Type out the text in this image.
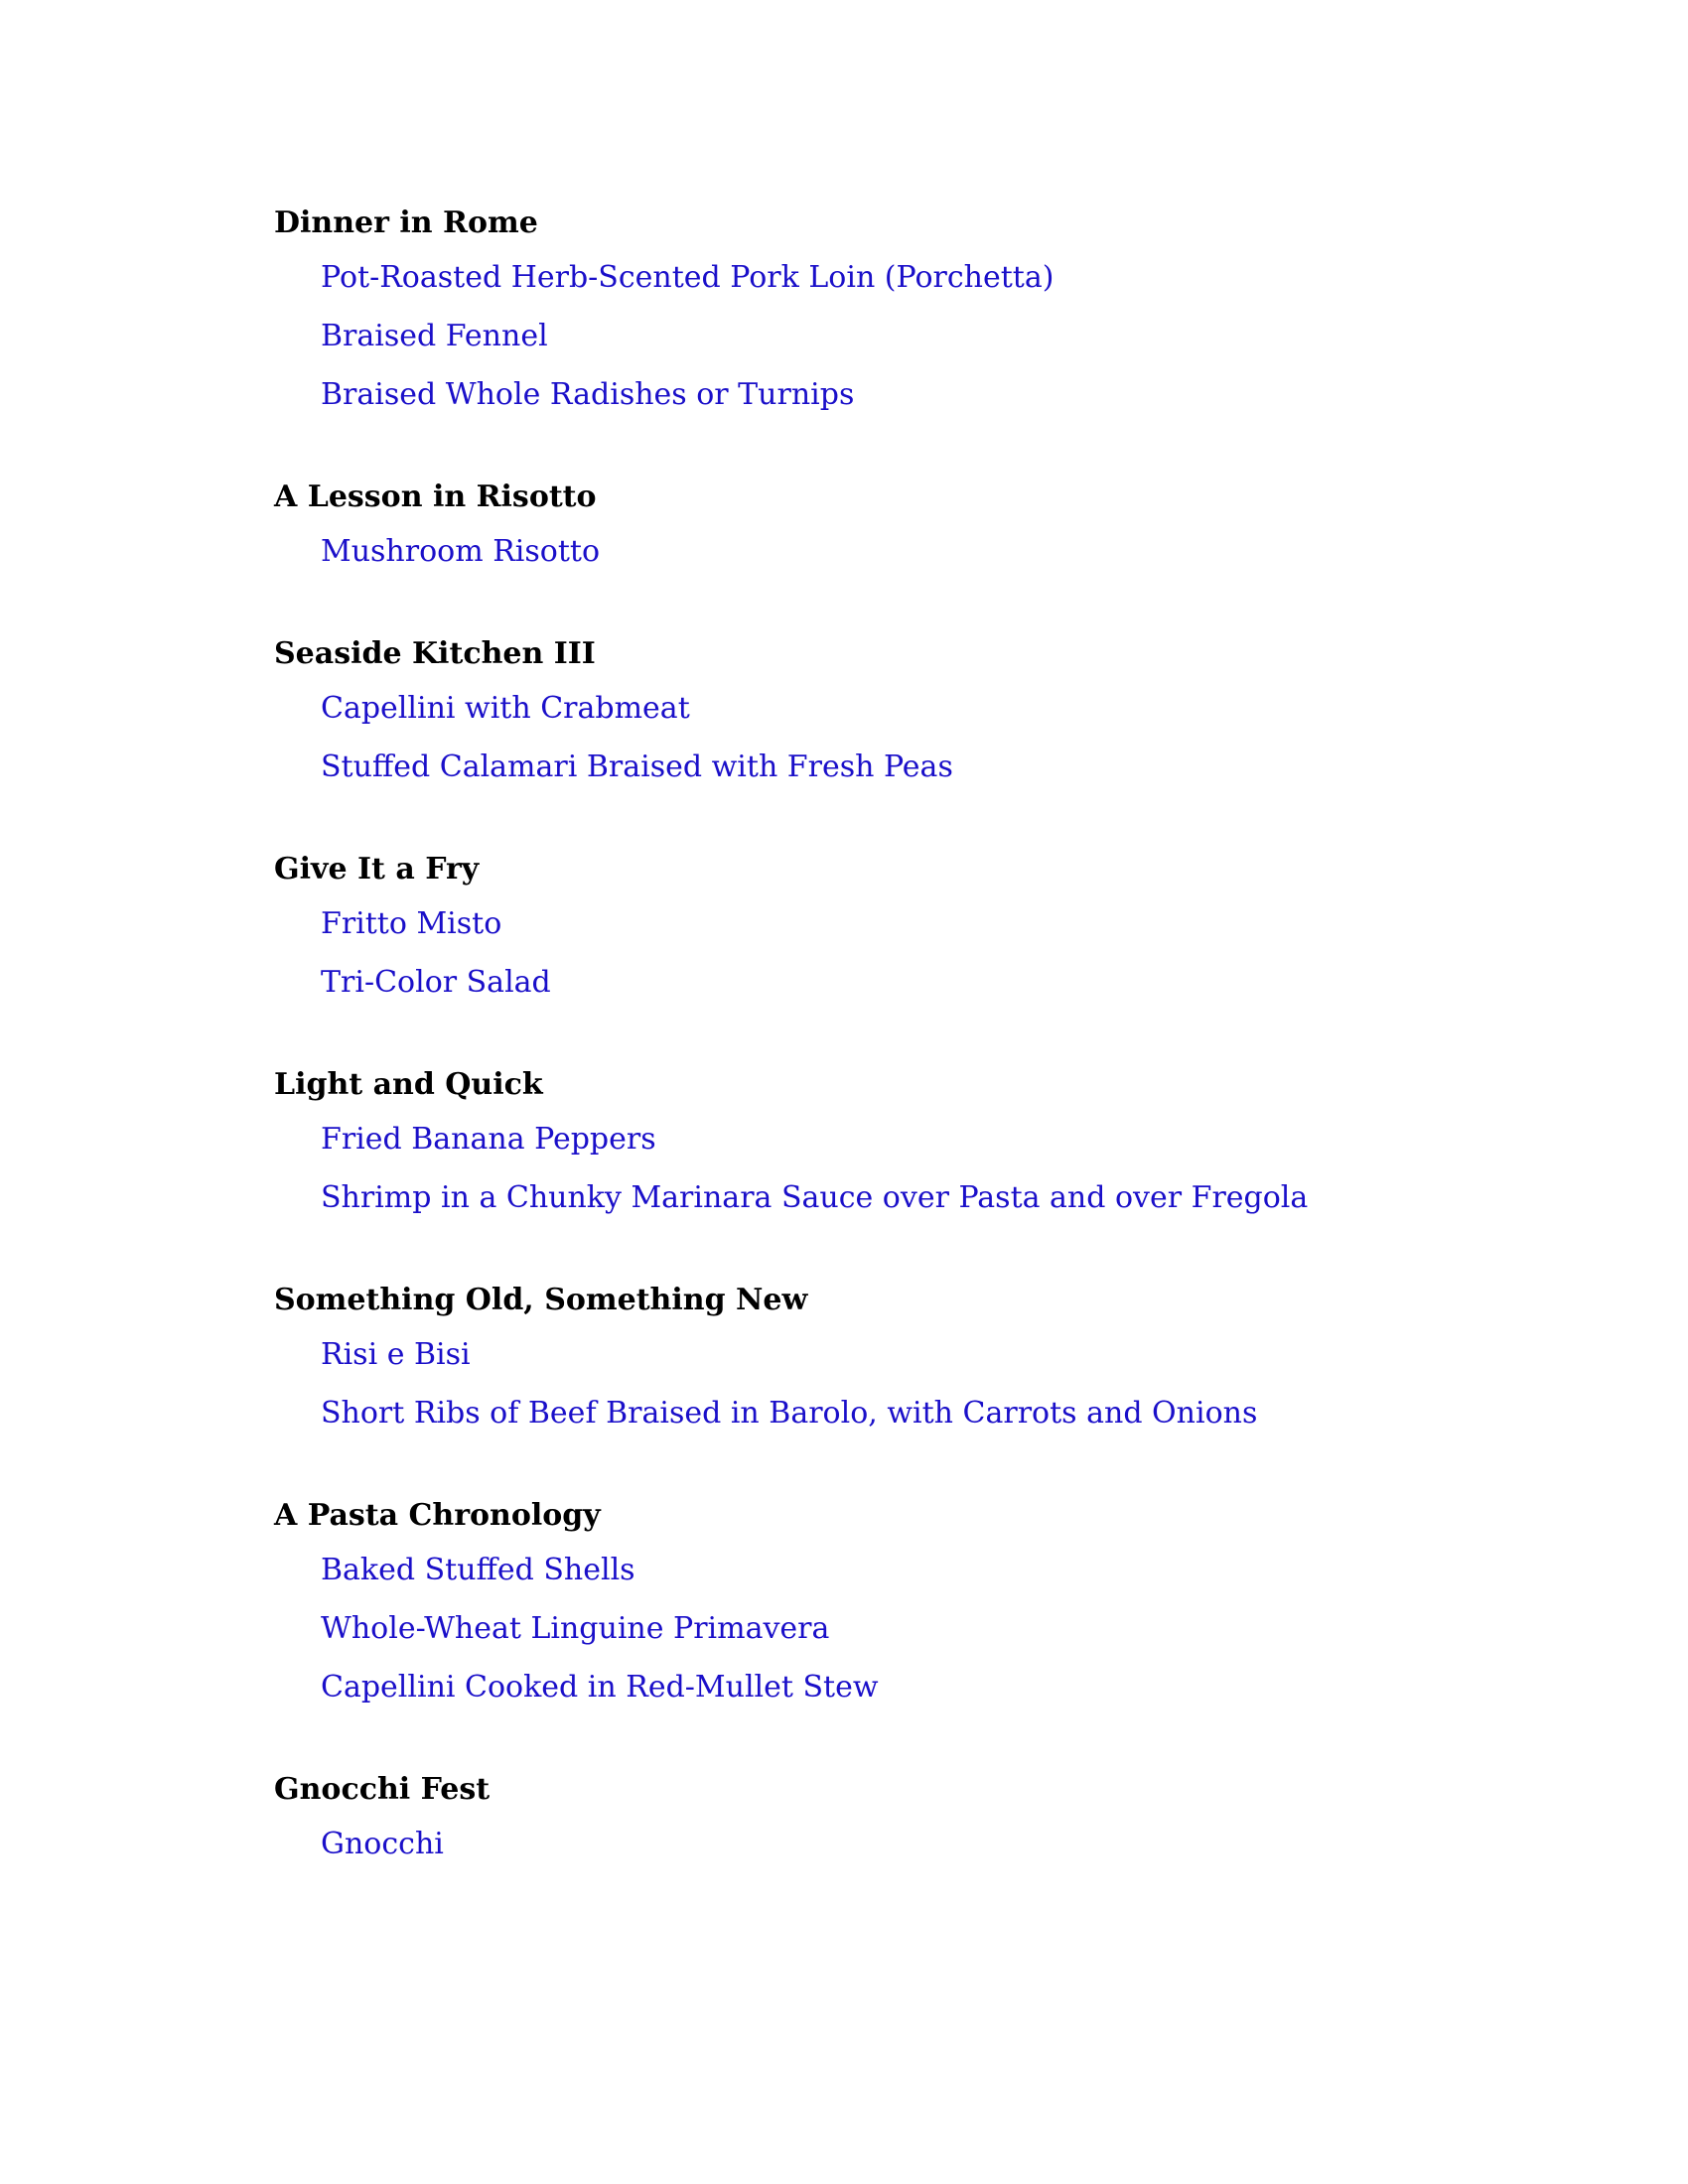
Dinner in Rome
Pot-Roasted Herb-Scented Pork Loin (Porchetta)
Braised Fennel
Braised Whole Radishes or Turnips
A Lesson in Risotto
Mushroom Risotto
Seaside Kitchen III
Capellini with Crabmeat
Stuffed Calamari Braised with Fresh Peas
Give It a Fry
Fritto Misto
Tri-Color Salad
Light and Quick
Fried Banana Peppers
Shrimp in a Chunky Marinara Sauce over Pasta and over Fregola
Something Old, Something New
Risi e Bisi
Short Ribs of Beef Braised in Barolo, with Carrots and Onions
A Pasta Chronology
Baked Stuffed Shells
Whole-Wheat Linguine Primavera
Capellini Cooked in Red-Mullet Stew
Gnocchi Fest
Gnocchi
